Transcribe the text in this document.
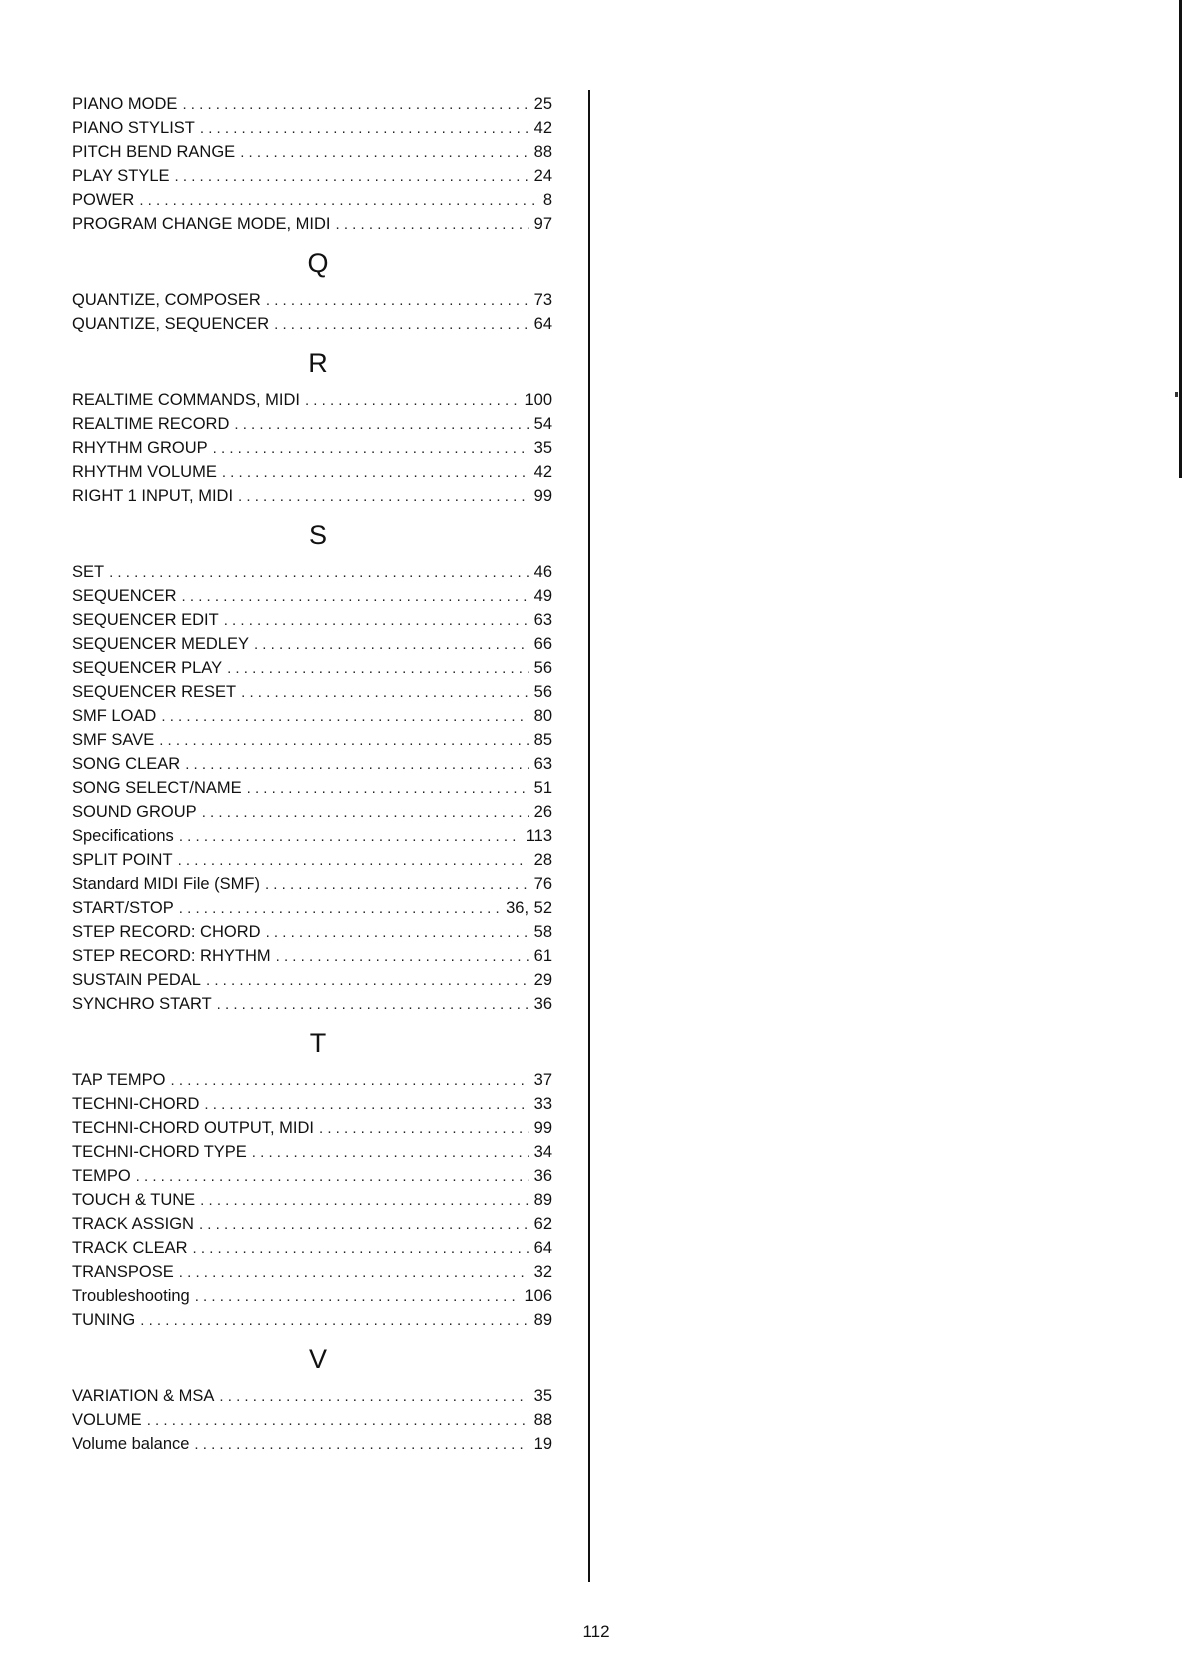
PIANO MODE . . .	25
PIANO STYLIST . . .	42
PITCH BEND RANGE . . .	88
PLAY STYLE . . .	24
POWER . . .	8
PROGRAM CHANGE MODE, MIDI . . .	97
Q
QUANTIZE, COMPOSER . . .	73
QUANTIZE, SEQUENCER . . .	64
R
REALTIME COMMANDS, MIDI . . .	100
REALTIME RECORD . . .	54
RHYTHM GROUP . . .	35
RHYTHM VOLUME . . .	42
RIGHT 1 INPUT, MIDI . . .	99
S
SET . . .	46
SEQUENCER . . .	49
SEQUENCER EDIT . . .	63
SEQUENCER MEDLEY . . .	66
SEQUENCER PLAY . . .	56
SEQUENCER RESET . . .	56
SMF LOAD . . .	80
SMF SAVE . . .	85
SONG CLEAR . . .	63
SONG SELECT/NAME . . .	51
SOUND GROUP . . .	26
Specifications . . .	113
SPLIT POINT . . .	28
Standard MIDI File (SMF) . . .	76
START/STOP . . .	36, 52
STEP RECORD: CHORD . . .	58
STEP RECORD: RHYTHM . . .	61
SUSTAIN PEDAL . . .	29
SYNCHRO START . . .	36
T
TAP TEMPO . . .	37
TECHNI-CHORD . . .	33
TECHNI-CHORD OUTPUT, MIDI . . .	99
TECHNI-CHORD TYPE . . .	34
TEMPO . . .	36
TOUCH & TUNE . . .	89
TRACK ASSIGN . . .	62
TRACK CLEAR . . .	64
TRANSPOSE . . .	32
Troubleshooting . . .	106
TUNING . . .	89
V
VARIATION & MSA . . .	35
VOLUME . . .	88
Volume balance . . .	19
112
